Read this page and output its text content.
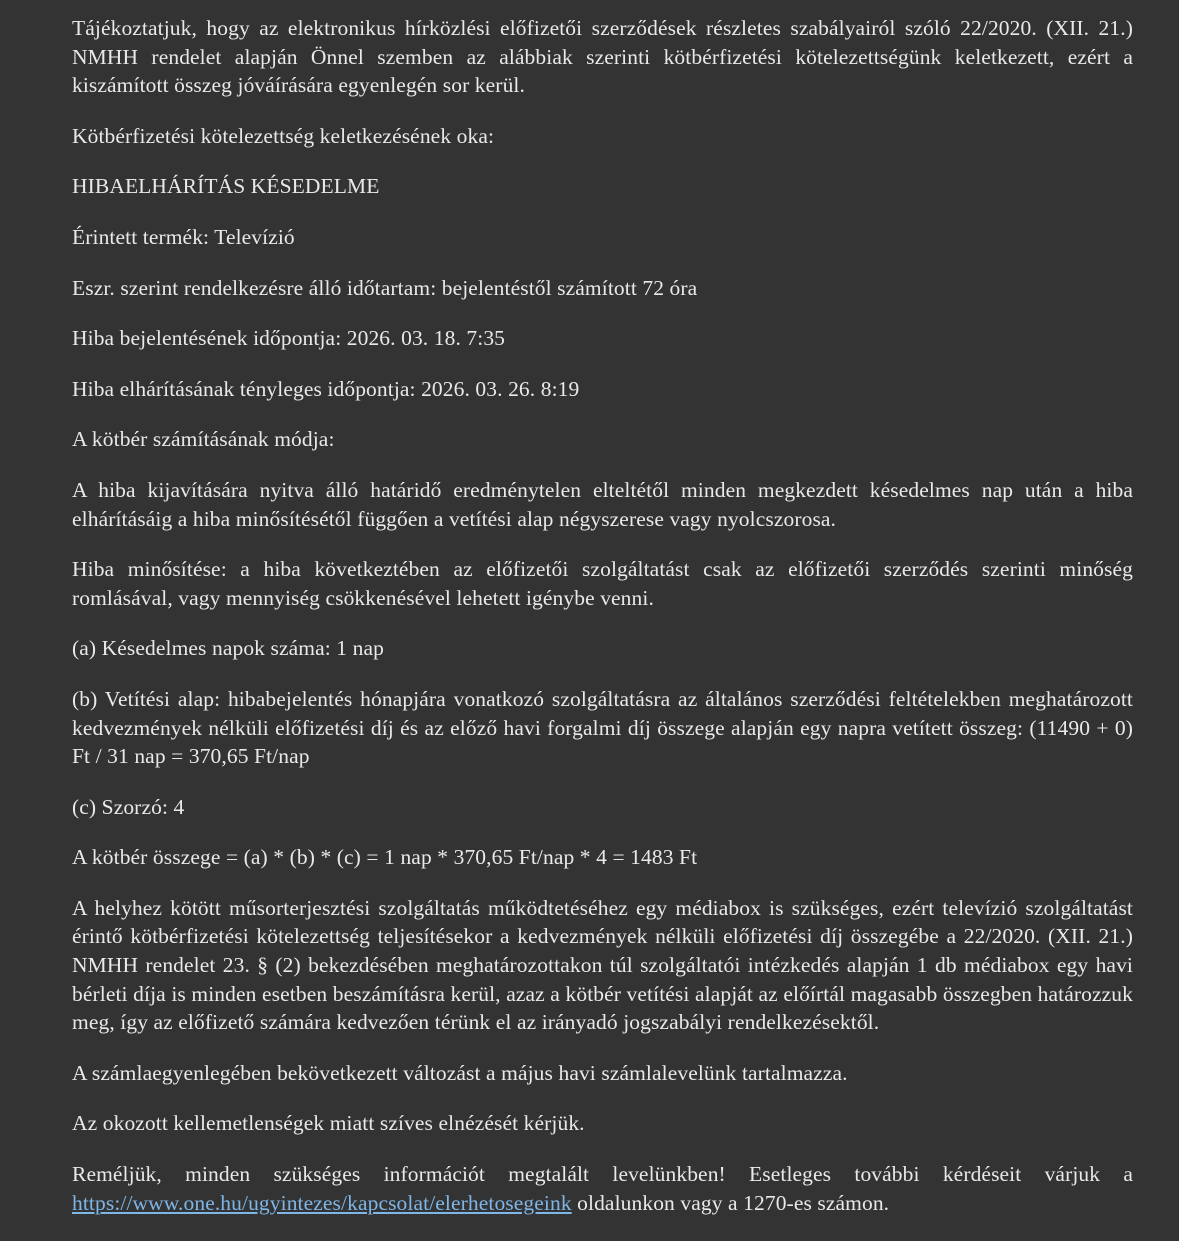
Tájékoztatjuk, hogy az elektronikus hírközlési előfizetői szerződések részletes szabályairól szóló 22/2020. (XII. 21.) NMHH rendelet alapján Önnel szemben az alábbiak szerinti kötbérfizetési kötelezettségünk keletkezett, ezért a kiszámított összeg jóváírására egyenlegén sor kerül.

Kötbérfizetési kötelezettség keletkezésének oka:

HIBAELHÁRÍTÁS KÉSEDELME

Érintett termék: Televízió

Eszr. szerint rendelkezésre álló időtartam: bejelentéstől számított 72 óra

Hiba bejelentésének időpontja: 2026. 03. 18. 7:35

Hiba elhárításának tényleges időpontja: 2026. 03. 26. 8:19

A kötbér számításának módja:

A hiba kijavítására nyitva álló határidő eredménytelen elteltétől minden megkezdett késedelmes nap után a hiba elhárításáig a hiba minősítésétől függően a vetítési alap négyszerese vagy nyolcszorosa.

Hiba minősítése: a hiba következtében az előfizetői szolgáltatást csak az előfizetői szerződés szerinti minőség romlásával, vagy mennyiség csökkenésével lehetett igénybe venni.

(a) Késedelmes napok száma: 1 nap

(b) Vetítési alap: hibabejelentés hónapjára vonatkozó szolgáltatásra az általános szerződési feltételekben meghatározott kedvezmények nélküli előfizetési díj és az előző havi forgalmi díj összege alapján egy napra vetített összeg: (11490 + 0) Ft / 31 nap = 370,65 Ft/nap

(c) Szorzó: 4

A kötbér összege = (a) * (b) * (c) = 1 nap * 370,65 Ft/nap * 4 = 1483 Ft

A helyhez kötött műsorterjesztési szolgáltatás működtetéséhez egy médiabox is szükséges, ezért televízió szolgáltatást érintő kötbérfizetési kötelezettség teljesítésekor a kedvezmények nélküli előfizetési díj összegébe a 22/2020. (XII. 21.) NMHH rendelet 23. § (2) bekezdésében meghatározottakon túl szolgáltatói intézkedés alapján 1 db médiabox egy havi bérleti díja is minden esetben beszámításra kerül, azaz a kötbér vetítési alapját az előírtál magasabb összegben határozzuk meg, így az előfizető számára kedvezően térünk el az irányadó jogszabályi rendelkezésektől.

A számlaegyenlegében bekövetkezett változást a május havi számlalevelünk tartalmazza.

Az okozott kellemetlenségek miatt szíves elnézését kérjük.

Reméljük, minden szükséges információt megtalált levelünkben! Esetleges további kérdéseit várjuk a https://www.one.hu/ugyintezes/kapcsolat/elerhetosegeink oldalunkon vagy a 1270-es számon.
